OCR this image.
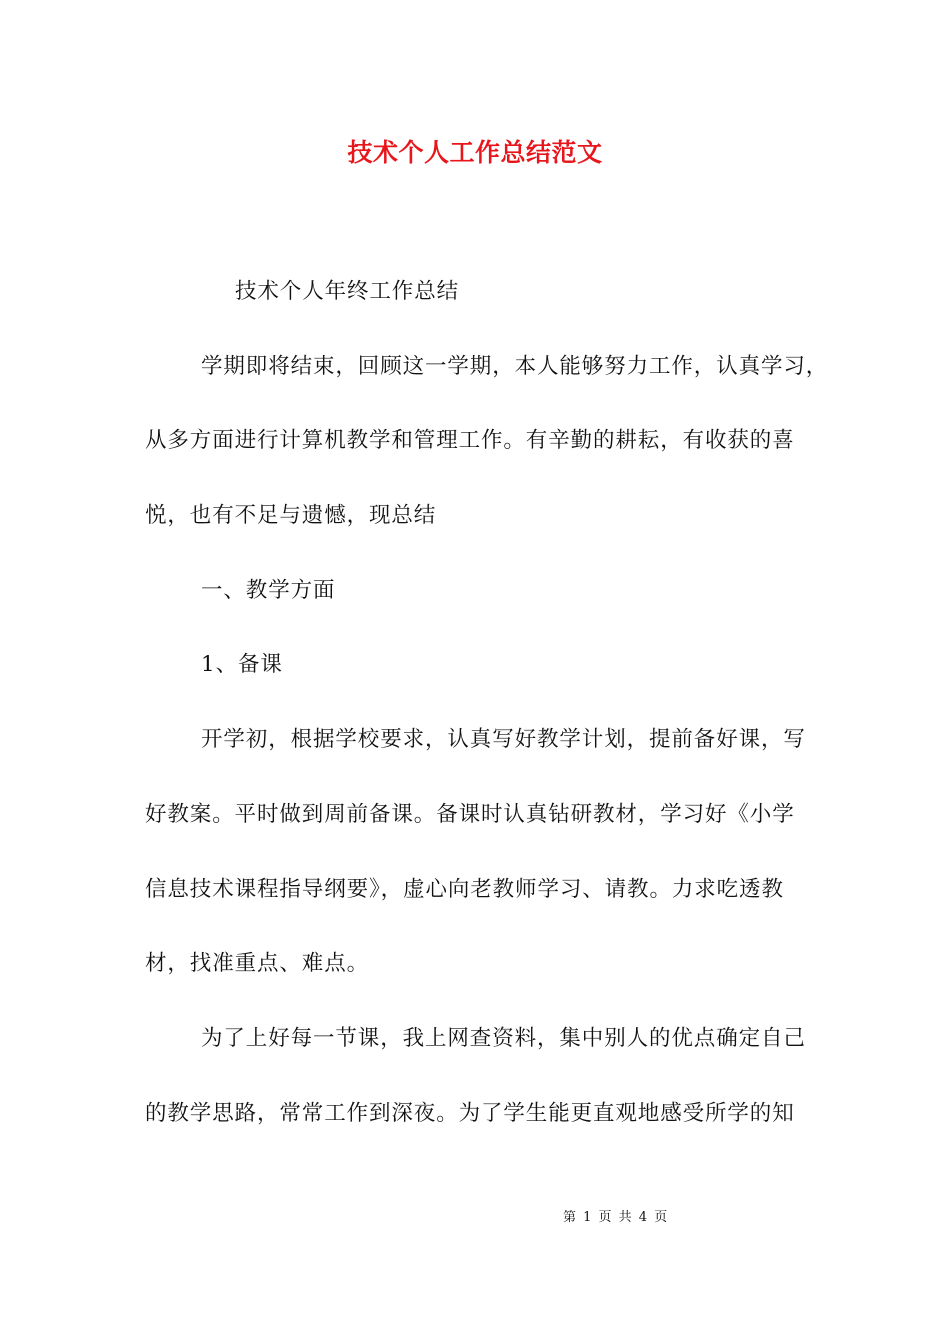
技术个人工作总结范文
技术个人年终工作总结
学期即将结束，回顾这一学期，本人能够努力工作，认真学习，
从多方面进行计算机教学和管理工作。有辛勤的耕耘，有收获的喜
悦，也有不足与遗憾，现总结
一、教学方面
1、备课
开学初，根据学校要求，认真写好教学计划，提前备好课，写
好教案。平时做到周前备课。备课时认真钻研教材，学习好《小学
信息技术课程指导纲要》，虚心向老教师学习、请教。力求吃透教
材，找准重点、难点。
为了上好每一节课，我上网查资料，集中别人的优点确定自己
的教学思路，常常工作到深夜。为了学生能更直观地感受所学的知
第 1 页 共 4 页
